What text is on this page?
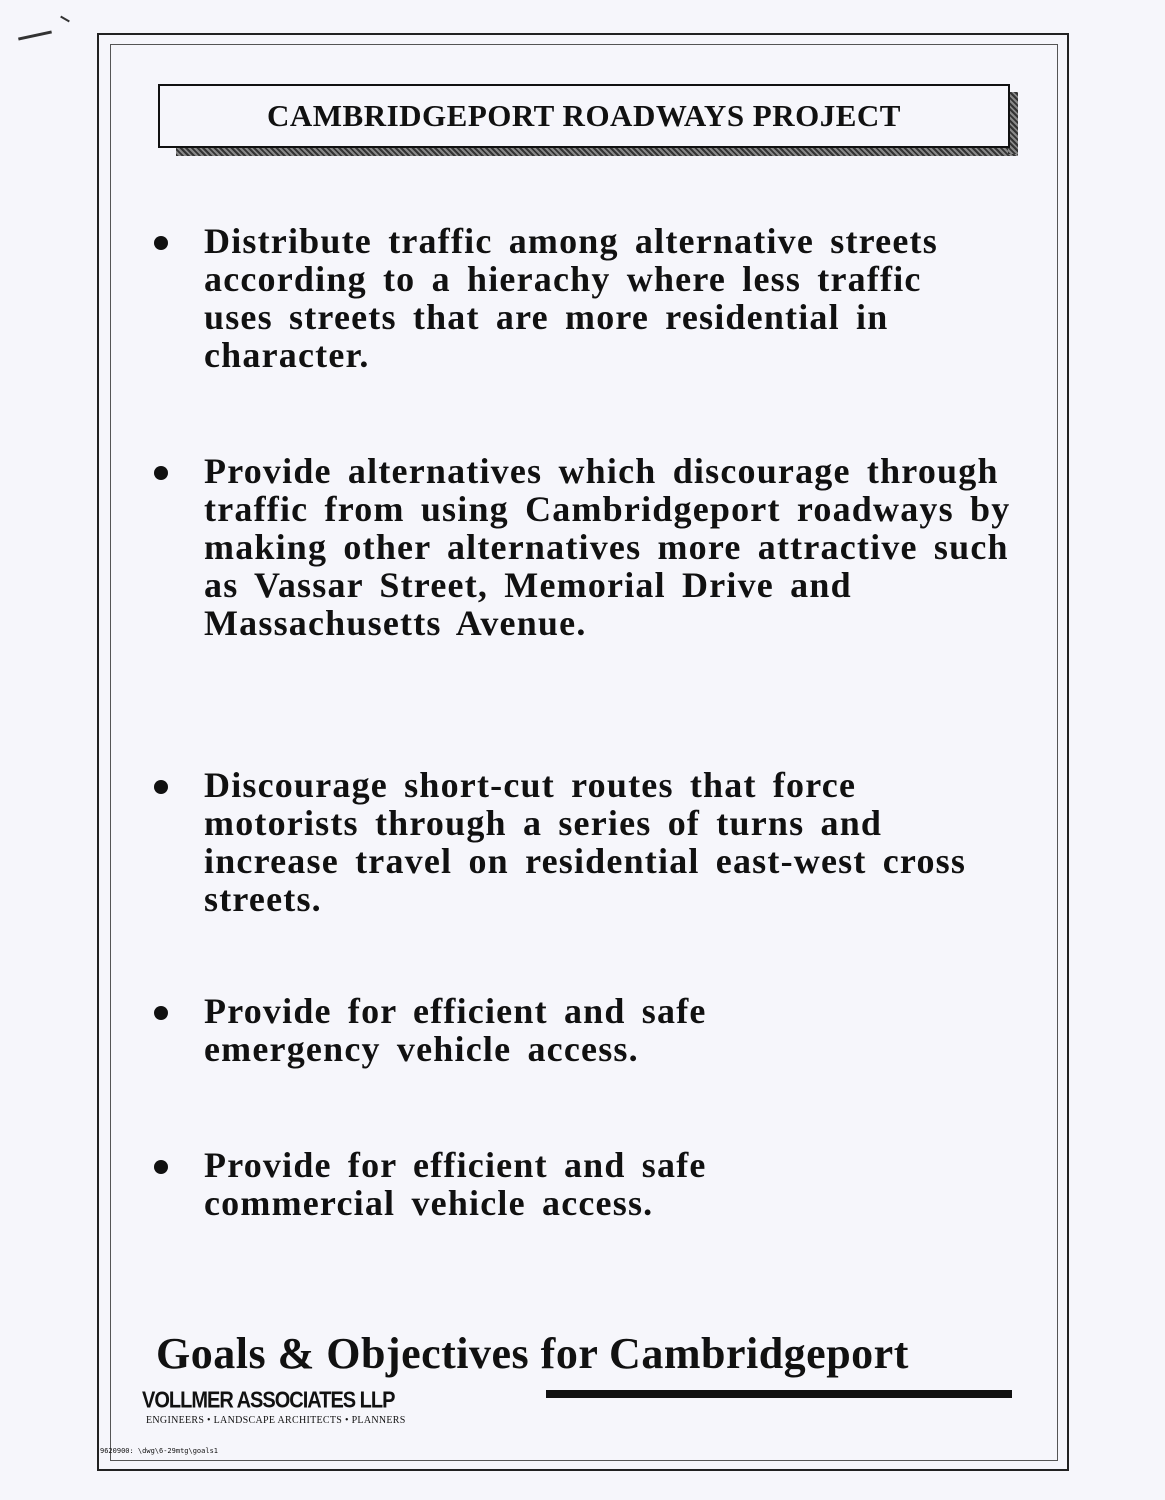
CAMBRIDGEPORT ROADWAYS PROJECT
Distribute traffic among alternative streets according to a hierachy where less traffic uses streets that are more residential in character.
Provide alternatives which discourage through traffic from using Cambridgeport roadways by making other alternatives more attractive such as Vassar Street, Memorial Drive and Massachusetts Avenue.
Discourage short-cut routes that force motorists through a series of turns and increase travel on residential east-west cross streets.
Provide for efficient and safe emergency vehicle access.
Provide for efficient and safe commercial vehicle access.
Goals & Objectives for Cambridgeport
VOLLMER ASSOCIATES LLP
ENGINEERS • LANDSCAPE ARCHITECTS • PLANNERS
9620900: \dwg\6-29mtg\goals1
